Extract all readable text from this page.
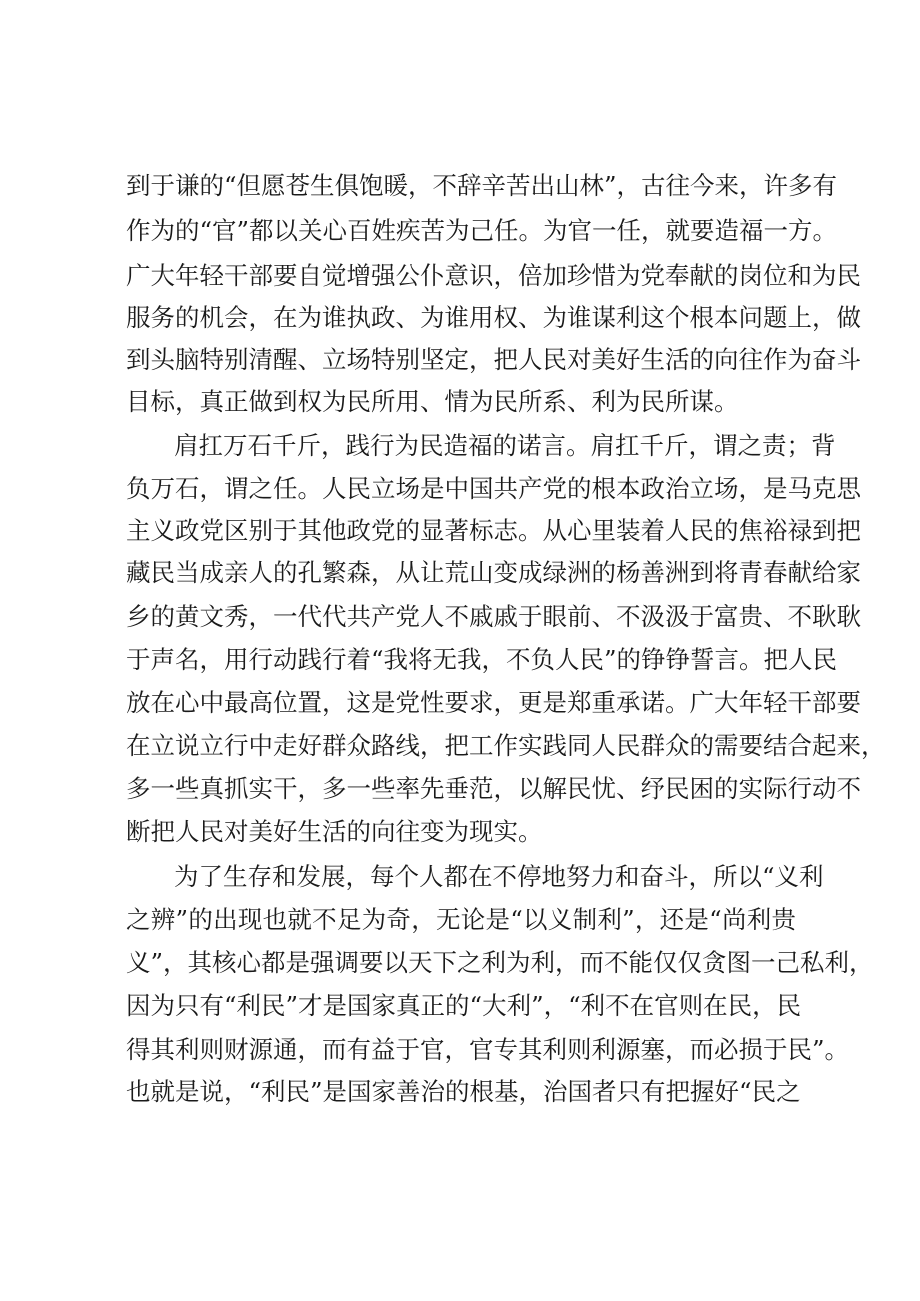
到于谦的“但愿苍生俱饱暖，不辞辛苦出山林”，古往今来，许多有
作为的“官”都以关心百姓疾苦为己任。为官一任，就要造福一方。
广大年轻干部要自觉增强公仆意识，倍加珍惜为党奉献的岗位和为民
服务的机会，在为谁执政、为谁用权、为谁谋利这个根本问题上，做
到头脑特别清醒、立场特别坚定，把人民对美好生活的向往作为奋斗
目标，真正做到权为民所用、情为民所系、利为民所谋。
肩扛万石千斤，践行为民造福的诺言。肩扛千斤，谓之责；背
负万石，谓之任。人民立场是中国共产党的根本政治立场，是马克思
主义政党区别于其他政党的显著标志。从心里装着人民的焦裕禄到把
藏民当成亲人的孔繁森，从让荒山变成绿洲的杨善洲到将青春献给家
乡的黄文秀，一代代共产党人不戚戚于眼前、不汲汲于富贵、不耿耿
于声名，用行动践行着“我将无我，不负人民”的铮铮誓言。把人民
放在心中最高位置，这是党性要求，更是郑重承诺。广大年轻干部要
在立说立行中走好群众路线，把工作实践同人民群众的需要结合起来，
多一些真抓实干，多一些率先垂范，以解民忧、纾民困的实际行动不
断把人民对美好生活的向往变为现实。
为了生存和发展，每个人都在不停地努力和奋斗，所以“义利
之辨”的出现也就不足为奇，无论是“以义制利”，还是“尚利贵
义”，其核心都是强调要以天下之利为利，而不能仅仅贪图一己私利，
因为只有“利民”才是国家真正的“大利”，“利不在官则在民，民
得其利则财源通，而有益于官，官专其利则利源塞，而必损于民”。
也就是说，“利民”是国家善治的根基，治国者只有把握好“民之
